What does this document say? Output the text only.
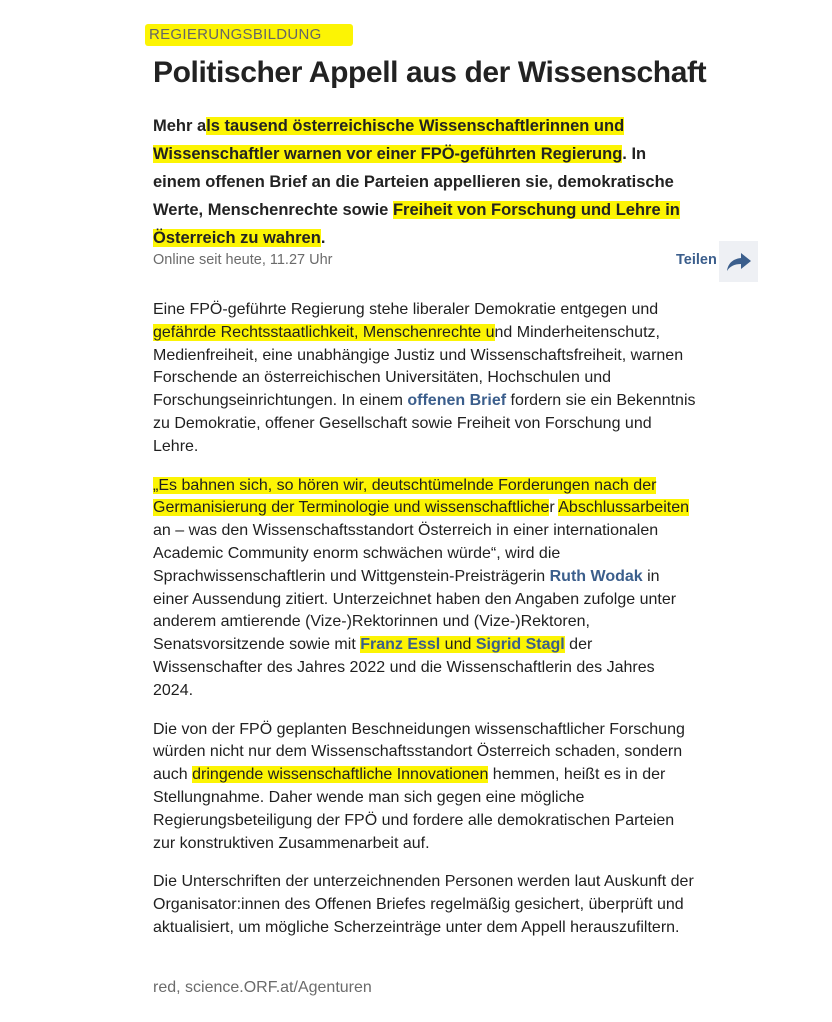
REGIERUNGSBILDUNG
Politischer Appell aus der Wissenschaft

Mehr als tausend österreichische Wissenschaftlerinnen und Wissenschaftler warnen vor einer FPÖ-geführten Regierung. In einem offenen Brief an die Parteien appellieren sie, demokratische Werte, Menschenrechte sowie Freiheit von Forschung und Lehre in Österreich zu wahren.

Online seit heute, 11.27 Uhr	Teilen

Eine FPÖ-geführte Regierung stehe liberaler Demokratie entgegen und gefährde Rechtsstaatlichkeit, Menschenrechte und Minderheitenschutz, Medienfreiheit, eine unabhängige Justiz und Wissenschaftsfreiheit, warnen Forschende an österreichischen Universitäten, Hochschulen und Forschungseinrichtungen. In einem offenen Brief fordern sie ein Bekenntnis zu Demokratie, offener Gesellschaft sowie Freiheit von Forschung und Lehre.

„Es bahnen sich, so hören wir, deutschtümelnde Forderungen nach der Germanisierung der Terminologie und wissenschaftlicher Abschlussarbeiten an – was den Wissenschaftsstandort Österreich in einer internationalen Academic Community enorm schwächen würde“, wird die Sprachwissenschaftlerin und Wittgenstein-Preisträgerin Ruth Wodak in einer Aussendung zitiert. Unterzeichnet haben den Angaben zufolge unter anderem amtierende (Vize-)Rektorinnen und (Vize-)Rektoren, Senatsvorsitzende sowie mit Franz Essl und Sigrid Stagl der Wissenschafter des Jahres 2022 und die Wissenschaftlerin des Jahres 2024.

Die von der FPÖ geplanten Beschneidungen wissenschaftlicher Forschung würden nicht nur dem Wissenschaftsstandort Österreich schaden, sondern auch dringende wissenschaftliche Innovationen hemmen, heißt es in der Stellungnahme. Daher wende man sich gegen eine mögliche Regierungsbeteiligung der FPÖ und fordere alle demokratischen Parteien zur konstruktiven Zusammenarbeit auf.

Die Unterschriften der unterzeichnenden Personen werden laut Auskunft der Organisator:innen des Offenen Briefes regelmäßig gesichert, überprüft und aktualisiert, um mögliche Scherzeinträge unter dem Appell herauszufiltern.

red, science.ORF.at/Agenturen
